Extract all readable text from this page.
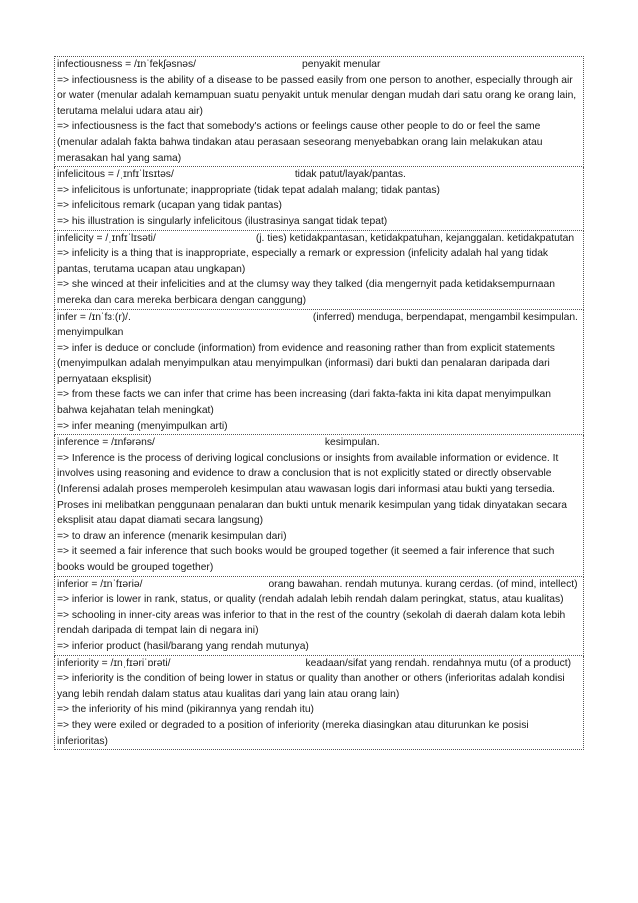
infectiousness = /ɪnˈfekʃəsnəs/	penyakit menular
=> infectiousness is the ability of a disease to be passed easily from one person to another, especially through air or water (menular adalah kemampuan suatu penyakit untuk menular dengan mudah dari satu orang ke orang lain, terutama melalui udara atau air)
=> infectiousness is the fact that somebody's actions or feelings cause other people to do or feel the same (menular adalah fakta bahwa tindakan atau perasaan seseorang menyebabkan orang lain melakukan atau merasakan hal yang sama)
infelicitous = /ˌɪnfɪˈlɪsɪtəs/	tidak patut/layak/pantas.
=> infelicitous is unfortunate; inappropriate (tidak tepat adalah malang; tidak pantas)
=> infelicitous remark (ucapan yang tidak pantas)
=> his illustration is singularly infelicitous (ilustrasinya sangat tidak tepat)
infelicity = /ˌɪnfɪˈlɪsəti/	(j. ties) ketidakpantasan, ketidakpatuhan, kejanggalan. ketidakpatutan
=> infelicity is a thing that is inappropriate, especially a remark or expression (infelicity adalah hal yang tidak pantas, terutama ucapan atau ungkapan)
=> she winced at their infelicities and at the clumsy way they talked (dia mengernyit pada ketidaksempurnaan mereka dan cara mereka berbicara dengan canggung)
infer = /ɪnˈfɜː(r)/.	(inferred) menduga, berpendapat, mengambil kesimpulan. menyimpulkan
=> infer is deduce or conclude (information) from evidence and reasoning rather than from explicit statements (menyimpulkan adalah menyimpulkan atau menyimpulkan (informasi) dari bukti dan penalaran daripada dari pernyataan eksplisit)
=> from these facts we can infer that crime has been increasing (dari fakta-fakta ini kita dapat menyimpulkan bahwa kejahatan telah meningkat)
=> infer meaning (menyimpulkan arti)
inference = /ɪnfərəns/	kesimpulan.
=> Inference is the process of deriving logical conclusions or insights from available information or evidence. It involves using reasoning and evidence to draw a conclusion that is not explicitly stated or directly observable (Inferensi adalah proses memperoleh kesimpulan atau wawasan logis dari informasi atau bukti yang tersedia. Proses ini melibatkan penggunaan penalaran dan bukti untuk menarik kesimpulan yang tidak dinyatakan secara eksplisit atau dapat diamati secara langsung)
=> to draw an inference (menarik kesimpulan dari)
=> it seemed a fair inference that such books would be grouped together (it seemed a fair inference that such books would be grouped together)
inferior = /ɪnˈfɪəriə/	orang bawahan. rendah mutunya. kurang cerdas. (of mind, intellect)
=> inferior is lower in rank, status, or quality (rendah adalah lebih rendah dalam peringkat, status, atau kualitas)
=> schooling in inner-city areas was inferior to that in the rest of the country (sekolah di daerah dalam kota lebih rendah daripada di tempat lain di negara ini)
=> inferior product (hasil/barang yang rendah mutunya)
inferiority = /ɪnˌfɪəriˈɒrəti/	keadaan/sifat yang rendah. rendahnya mutu (of a product)
=> inferiority is the condition of being lower in status or quality than another or others (inferioritas adalah kondisi yang lebih rendah dalam status atau kualitas dari yang lain atau orang lain)
=> the inferiority of his mind (pikirannya yang rendah itu)
=> they were exiled or degraded to a position of inferiority (mereka diasingkan atau diturunkan ke posisi inferioritas)
